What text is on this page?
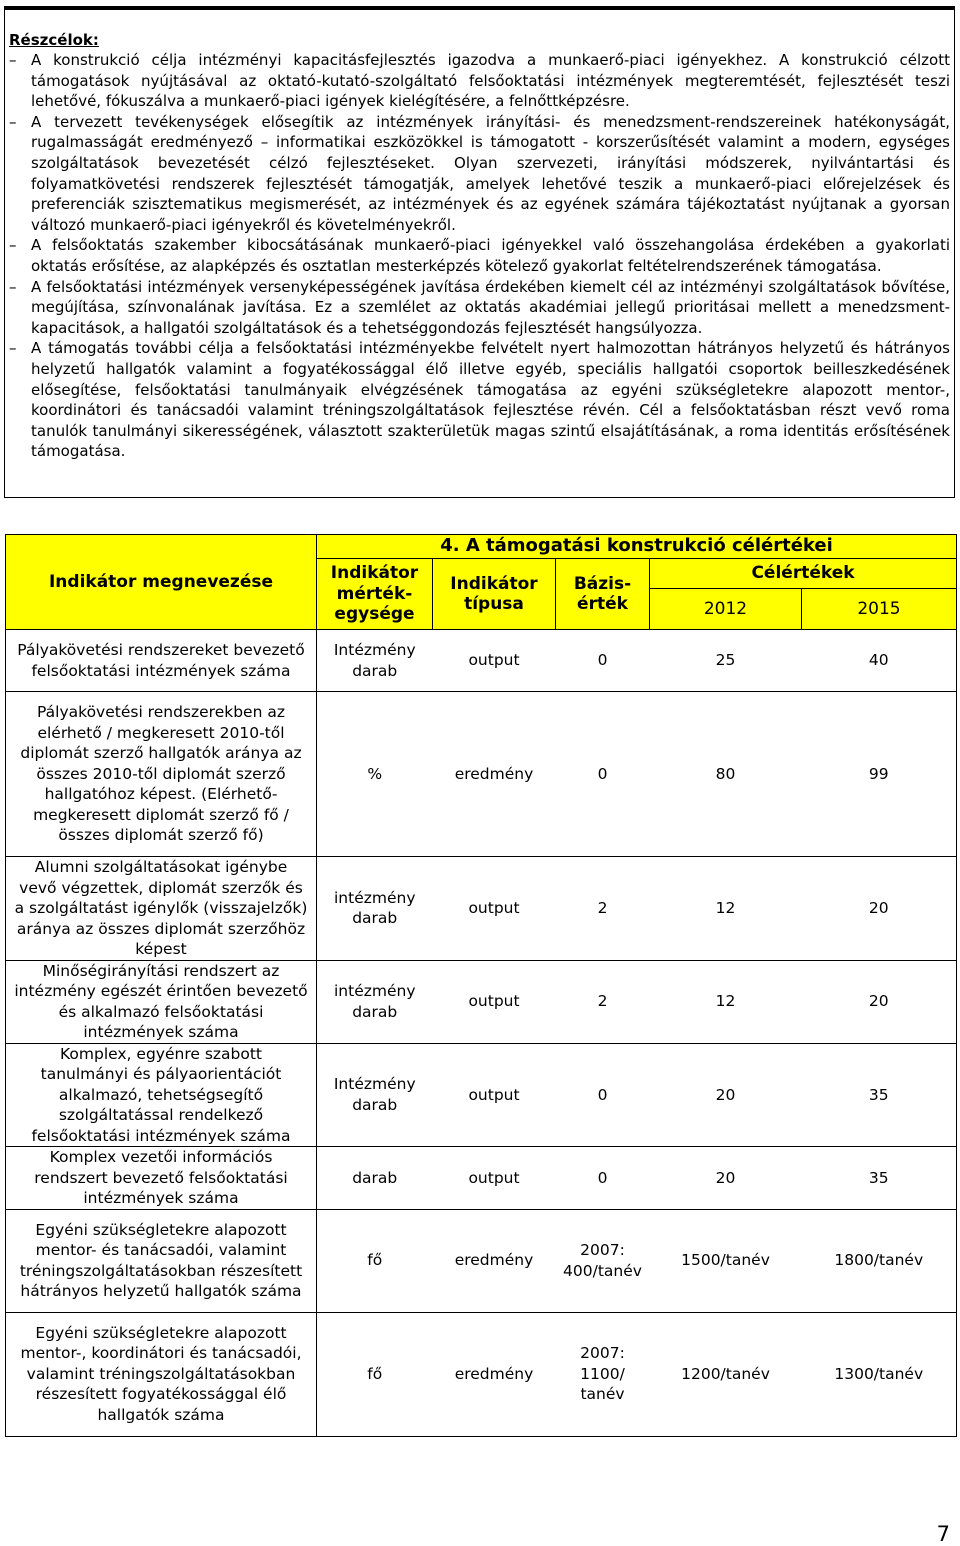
Részcélok:
– A konstrukció célja intézményi kapacitásfejlesztés igazodva a munkaerő-piaci igényekhez. A konstrukció célzott támogatások nyújtásával az oktató-kutató-szolgáltató felsőoktatási intézmények megteremtését, fejlesztését teszi lehetővé, fókuszálva a munkaerő-piaci igények kielégítésére, a felnőttképzésre.
– A tervezett tevékenységek elősegítik az intézmények irányítási- és menedzsment-rendszereinek hatékonyságát, rugalmasságát eredményező – informatikai eszközökkel is támogatott - korszerűsítését valamint a modern, egységes szolgáltatások bevezetését célzó fejlesztéseket. Olyan szervezeti, irányítási módszerek, nyilvántartási és folyamatkövetési rendszerek fejlesztését támogatják, amelyek lehetővé teszik a munkaerő-piaci előrejelzések és preferenciák szisztematikus megismerését, az intézmények és az egyének számára tájékoztatást nyújtanak a gyorsan változó munkaerő-piaci igényekről és követelményekről.
– A felsőoktatás szakember kibocsátásának munkaerő-piaci igényekkel való összehangolása érdekében a gyakorlati oktatás erősítése, az alapképzés és osztatlan mesterképzés kötelező gyakorlat feltételrendszerének támogatása.
– A felsőoktatási intézmények versenyképességének javítása érdekében kiemelt cél az intézményi szolgáltatások bővítése, megújítása, színvonalának javítása. Ez a szemlélet az oktatás akadémiai jellegű prioritásai mellett a menedzsment-kapacitások, a hallgatói szolgáltatások és a tehetséggondozás fejlesztését hangsúlyozza.
– A támogatás további célja a felsőoktatási intézményekbe felvételt nyert halmozottan hátrányos helyzetű és hátrányos helyzetű hallgatók valamint a fogyatékossággal élő illetve egyéb, speciális hallgatói csoportok beilleszkedésének elősegítése, felsőoktatási tanulmányaik elvégzésének támogatása az egyéni szükségletekre alapozott mentor-, koordinátori és tanácsadói valamint tréningszolgáltatások fejlesztése révén. Cél a felsőoktatásban részt vevő roma tanulók tanulmányi sikerességének, választott szakterületük magas szintű elsajátításának, a roma identitás erősítésének támogatása.
Indikátor megnevezése	4. A támogatási konstrukció célértékei				
	Indikátor mérték-egysége	Indikátor típusa	Bázis-érték	Célértékek	
				2012	2015
Pályakövetési rendszereket bevezető felsőoktatási intézmények száma	Intézmény darab	output	0	25	40
Pályakövetési rendszerekben az elérhető / megkeresett 2010-től diplomát szerző hallgatók aránya az összes 2010-től diplomát szerző hallgatóhoz képest. (Elérhető-megkeresett diplomát szerző fő / összes diplomát szerző fő)	%	eredmény	0	80	99
Alumni szolgáltatásokat igénybe vevő végzettek, diplomát szerzők és a szolgáltatást igénylők (visszajelzők) aránya az összes diplomát szerzőhöz képest	intézmény darab	output	2	12	20
Minőségirányítási rendszert az intézmény egészét érintően bevezető és alkalmazó felsőoktatási intézmények száma	intézmény darab	output	2	12	20
Komplex, egyénre szabott tanulmányi és pályaorientációt alkalmazó, tehetségsegítő szolgáltatással rendelkező felsőoktatási intézmények száma	Intézmény darab	output	0	20	35
Komplex vezetői információs rendszert bevezető felsőoktatási intézmények száma	darab	output	0	20	35
Egyéni szükségletekre alapozott mentor- és tanácsadói, valamint tréningszolgáltatásokban részesített hátrányos helyzetű hallgatók száma	fő	eredmény	2007: 400/tanév	1500/tanév	1800/tanév
Egyéni szükségletekre alapozott mentor-, koordinátori és tanácsadói, valamint tréningszolgáltatásokban részesített fogyatékossággal élő hallgatók száma	fő	eredmény	2007: 1100/ tanév	1200/tanév	1300/tanév
7
